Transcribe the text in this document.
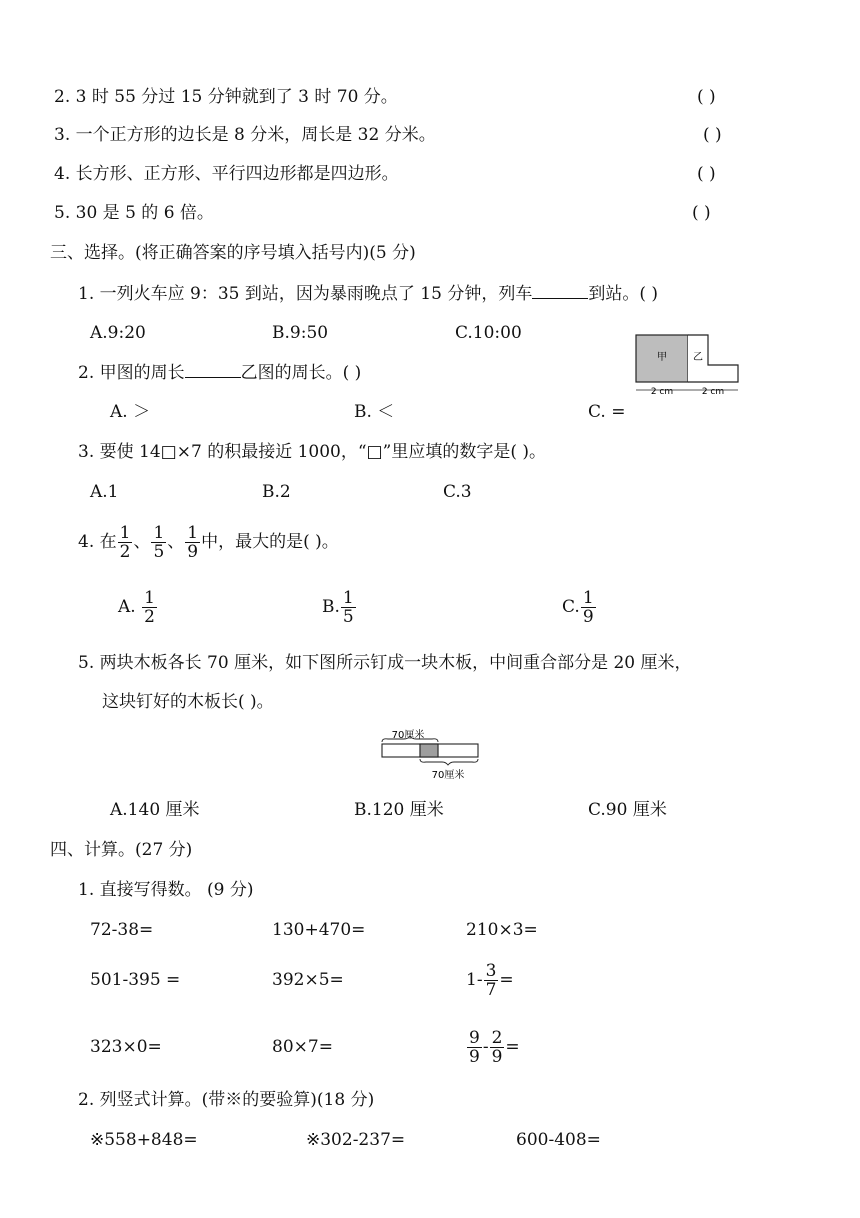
2. 3 时 55 分过 15 分钟就到了 3 时 70 分。	( )
3. 一个正方形的边长是 8 分米，周长是 32 分米。	( )
4. 长方形、正方形、平行四边形都是四边形。	( )
5. 30 是 5 的 6 倍。	( )
三、选择。(将正确答案的序号填入括号内)(5 分)
1. 一列火车应 9：35 到站，因为暴雨晚点了 15 分钟，列车	到站。( )
A.9:20	B.9:50	C.10:00
2. 甲图的周长	乙图的周长。( )
甲	乙
2 cm	2 cm
A. ＞	B. ＜	C. =
3. 要使 14□×7 的积最接近 1000，“□”里应填的数字是( )。
A.1	B.2	C.3
4. 在 $\frac{1}{2}$ 、 $\frac{1}{5}$ 、 $\frac{1}{9}$ 中，最大的是( )。
A. $\frac{1}{2}$	B. $\frac{1}{5}$	C. $\frac{1}{9}$
5. 两块木板各长 70 厘米，如下图所示钉成一块木板，中间重合部分是 20 厘米，
这块钉好的木板长( )。
70厘米
70厘米
A.140 厘米	B.120 厘米	C.90 厘米
四、计算。(27 分)
1. 直接写得数。 (9 分)
72-38=	130+470=	210×3=
501-395 =	392×5=	$1- \frac{3}{7}$ =
323×0=	80×7=	$\frac{9}{9} - \frac{2}{9}$ =
2. 列竖式计算。(带※的要验算)(18 分)
※558+848=	※302-237=	600-408=
